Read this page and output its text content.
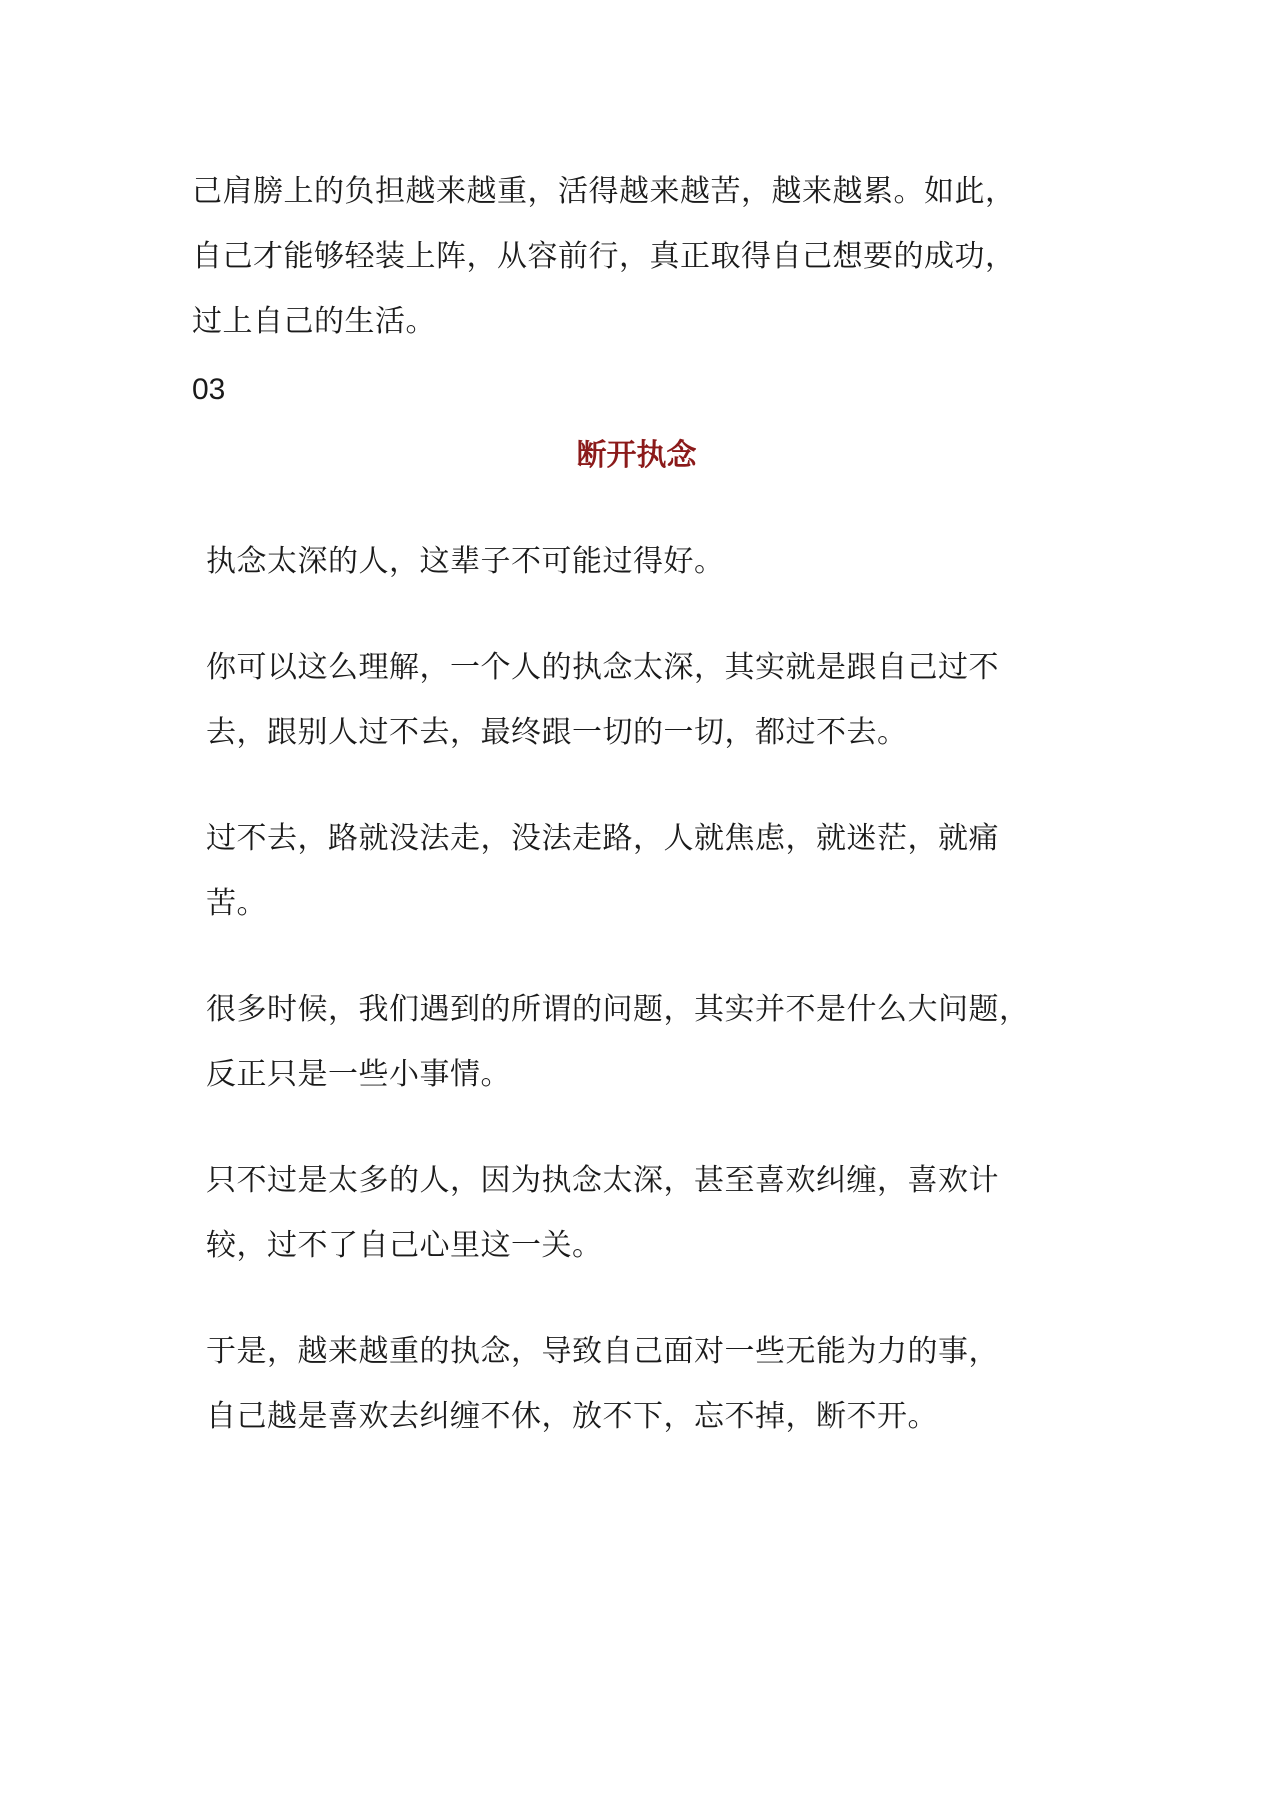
己肩膀上的负担越来越重，活得越来越苦，越来越累。如此，
自己才能够轻装上阵，从容前行，真正取得自己想要的成功，
过上自己的生活。
03
断开执念
执念太深的人，这辈子不可能过得好。
你可以这么理解，一个人的执念太深，其实就是跟自己过不
去，跟别人过不去，最终跟一切的一切，都过不去。
过不去，路就没法走，没法走路，人就焦虑，就迷茫，就痛
苦。
很多时候，我们遇到的所谓的问题，其实并不是什么大问题，
反正只是一些小事情。
只不过是太多的人，因为执念太深，甚至喜欢纠缠，喜欢计
较，过不了自己心里这一关。
于是，越来越重的执念，导致自己面对一些无能为力的事，
自己越是喜欢去纠缠不休，放不下，忘不掉，断不开。
